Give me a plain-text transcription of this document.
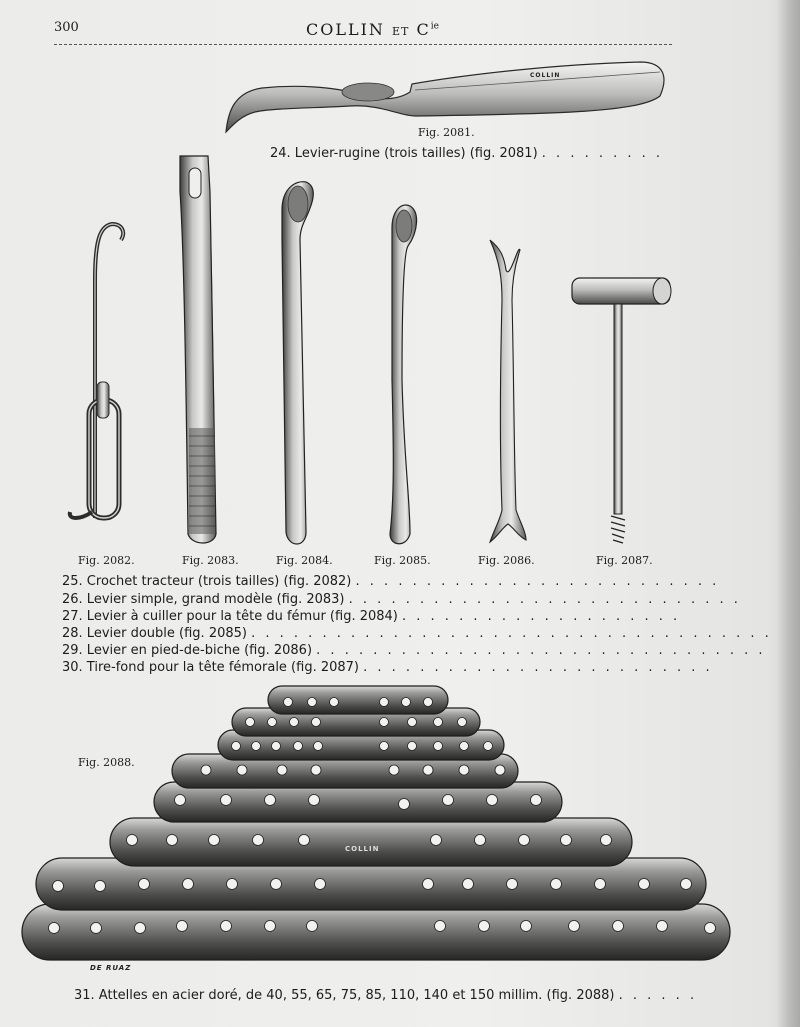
300	COLLIN ET $C^{ie}$
COLLIN
COLLIN
DE RUAZ
Fig. 2081.
Fig. 2082.	Fig. 2083.	Fig. 2084.	Fig. 2085.	Fig. 2086.	Fig. 2087.
Fig. 2088.
24. Levier-rugine (trois tailles) (fig. 2081) . . . . . . . . .
25. Crochet tracteur (trois tailles) (fig. 2082) . . . . . . . . . . . . . . . . . . . . . . . . . .
26. Levier simple, grand modèle (fig. 2083) . . . . . . . . . . . . . . . . . . . . . . . . . . . .
27. Levier à cuiller pour la tête du fémur (fig. 2084) . . . . . . . . . . . . . . . . . . . .
28. Levier double (fig. 2085) . . . . . . . . . . . . . . . . . . . . . . . . . . . . . . . . . . . . .
29. Levier en pied-de-biche (fig. 2086) . . . . . . . . . . . . . . . . . . . . . . . . . . . . . . . .
30. Tire-fond pour la tête fémorale (fig. 2087) . . . . . . . . . . . . . . . . . . . . . . . . .
31. Attelles en acier doré, de 40, 55, 65, 75, 85, 110, 140 et 150 millim. (fig. 2088) . . . . . .
